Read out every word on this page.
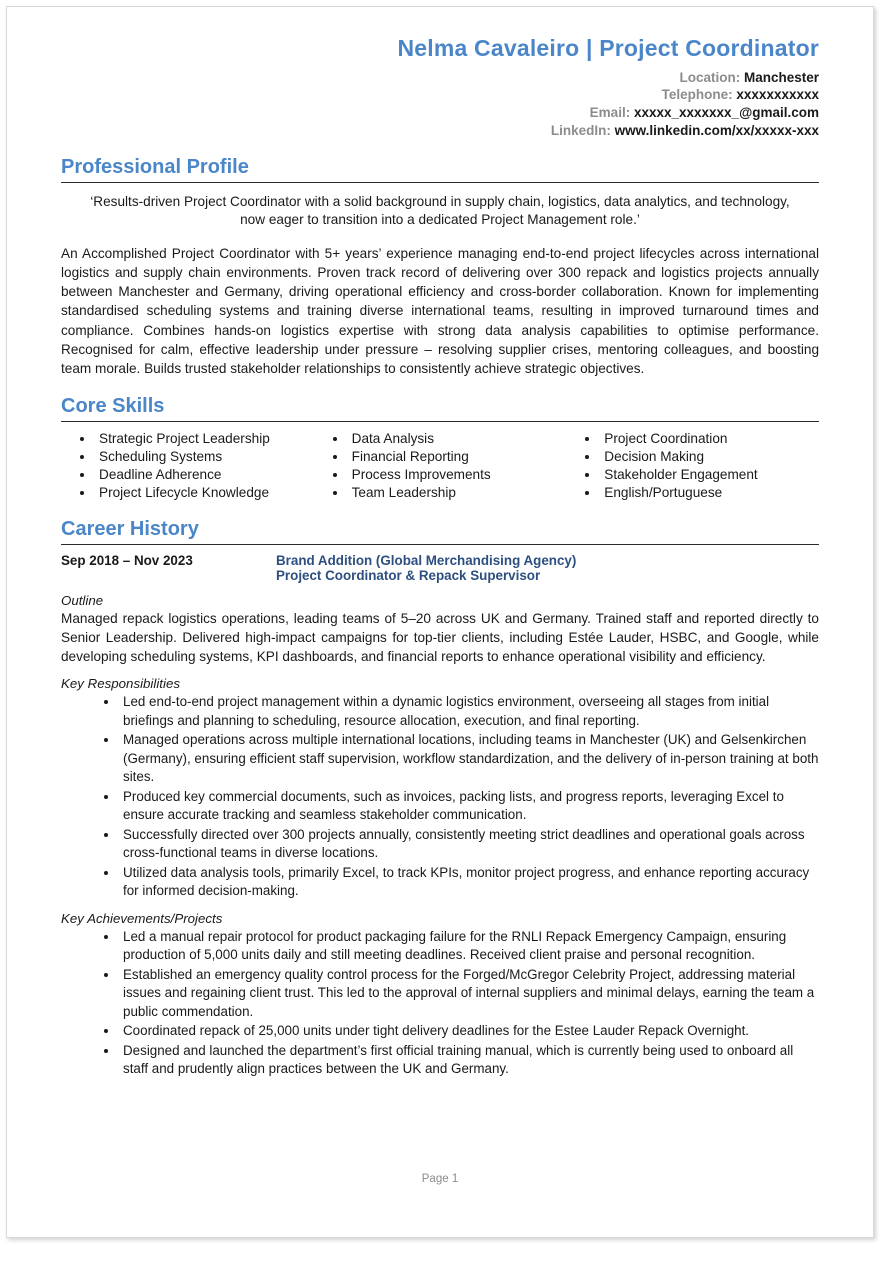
Nelma Cavaleiro | Project Coordinator
Location: Manchester
Telephone: xxxxxxxxxxx
Email: xxxxx_xxxxxxx_@gmail.com
LinkedIn: www.linkedin.com/xx/xxxxx-xxx
Professional Profile
‘Results-driven Project Coordinator with a solid background in supply chain, logistics, data analytics, and technology, now eager to transition into a dedicated Project Management role.’
An Accomplished Project Coordinator with 5+ years’ experience managing end-to-end project lifecycles across international logistics and supply chain environments. Proven track record of delivering over 300 repack and logistics projects annually between Manchester and Germany, driving operational efficiency and cross-border collaboration. Known for implementing standardised scheduling systems and training diverse international teams, resulting in improved turnaround times and compliance. Combines hands-on logistics expertise with strong data analysis capabilities to optimise performance. Recognised for calm, effective leadership under pressure – resolving supplier crises, mentoring colleagues, and boosting team morale. Builds trusted stakeholder relationships to consistently achieve strategic objectives.
Core Skills
• Strategic Project Leadership
• Scheduling Systems
• Deadline Adherence
• Project Lifecycle Knowledge
• Data Analysis
• Financial Reporting
• Process Improvements
• Team Leadership
• Project Coordination
• Decision Making
• Stakeholder Engagement
• English/Portuguese
Career History
Sep 2018 – Nov 2023	Brand Addition (Global Merchandising Agency)
Project Coordinator & Repack Supervisor
Outline
Managed repack logistics operations, leading teams of 5–20 across UK and Germany. Trained staff and reported directly to Senior Leadership. Delivered high-impact campaigns for top-tier clients, including Estée Lauder, HSBC, and Google, while developing scheduling systems, KPI dashboards, and financial reports to enhance operational visibility and efficiency.
Key Responsibilities
• Led end-to-end project management within a dynamic logistics environment, overseeing all stages from initial briefings and planning to scheduling, resource allocation, execution, and final reporting.
• Managed operations across multiple international locations, including teams in Manchester (UK) and Gelsenkirchen (Germany), ensuring efficient staff supervision, workflow standardization, and the delivery of in-person training at both sites.
• Produced key commercial documents, such as invoices, packing lists, and progress reports, leveraging Excel to ensure accurate tracking and seamless stakeholder communication.
• Successfully directed over 300 projects annually, consistently meeting strict deadlines and operational goals across cross-functional teams in diverse locations.
• Utilized data analysis tools, primarily Excel, to track KPIs, monitor project progress, and enhance reporting accuracy for informed decision-making.
Key Achievements/Projects
• Led a manual repair protocol for product packaging failure for the RNLI Repack Emergency Campaign, ensuring production of 5,000 units daily and still meeting deadlines. Received client praise and personal recognition.
• Established an emergency quality control process for the Forged/McGregor Celebrity Project, addressing material issues and regaining client trust. This led to the approval of internal suppliers and minimal delays, earning the team a public commendation.
• Coordinated repack of 25,000 units under tight delivery deadlines for the Estee Lauder Repack Overnight.
• Designed and launched the department’s first official training manual, which is currently being used to onboard all staff and prudently align practices between the UK and Germany.
Page 1
